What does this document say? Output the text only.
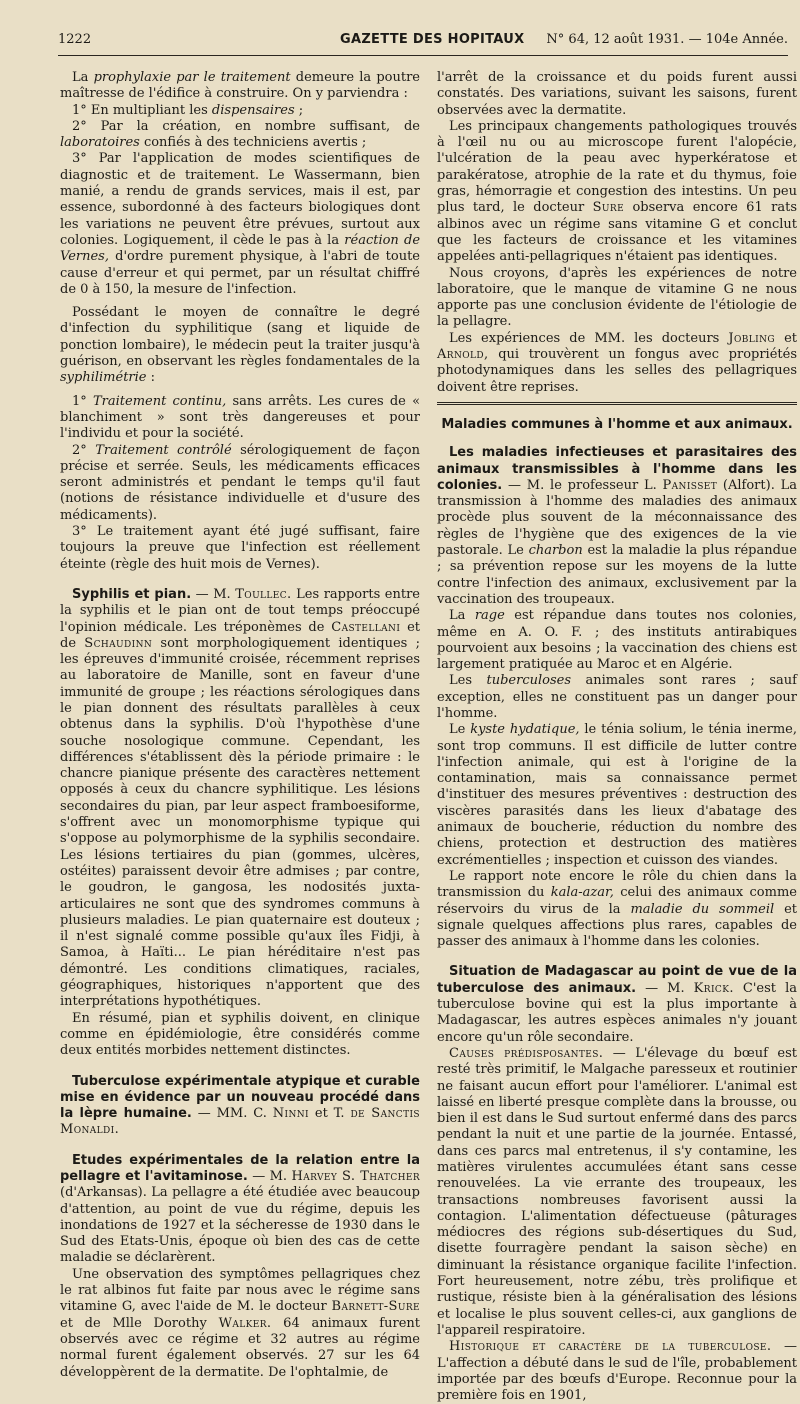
1222	GAZETTE DES HOPITAUX N° 64, 12 août 1931. — 104e Année.

La prophylaxie par le traitement demeure la poutre maîtresse de l'édifice à construire. On y parviendra :

1° En multipliant les dispensaires ;

2° Par la création, en nombre suffisant, de laboratoires confiés à des techniciens avertis ;

3° Par l'application de modes scientifiques de diagnostic et de traitement. Le Wassermann, bien manié, a rendu de grands services, mais il est, par essence, subordonné à des facteurs biologiques dont les variations ne peuvent être prévues, surtout aux colonies. Logiquement, il cède le pas à la réaction de Vernes, d'ordre purement physique, à l'abri de toute cause d'erreur et qui permet, par un résultat chiffré de 0 à 150, la mesure de l'infection.

Possédant le moyen de connaître le degré d'infection du syphilitique (sang et liquide de ponction lombaire), le médecin peut la traiter jusqu'à guérison, en observant les règles fondamentales de la syphilimétrie :

1° Traitement continu, sans arrêts. Les cures de « blanchiment » sont très dangereuses et pour l'individu et pour la société.

2° Traitement contrôlé sérologiquement de façon précise et serrée. Seuls, les médicaments efficaces seront administrés et pendant le temps qu'il faut (notions de résistance individuelle et d'usure des médicaments).

3° Le traitement ayant été jugé suffisant, faire toujours la preuve que l'infection est réellement éteinte (règle des huit mois de Vernes).

Syphilis et pian. — M. Toullec. Les rapports entre la syphilis et le pian ont de tout temps préoccupé l'opinion médicale. Les tréponèmes de Castellani et de Schaudinn sont morphologiquement identiques ; les épreuves d'immunité croisée, récemment reprises au laboratoire de Manille, sont en faveur d'une immunité de groupe ; les réactions sérologiques dans le pian donnent des résultats parallèles à ceux obtenus dans la syphilis. D'où l'hypothèse d'une souche nosologique commune. Cependant, les différences s'établissent dès la période primaire : le chancre pianique présente des caractères nettement opposés à ceux du chancre syphilitique. Les lésions secondaires du pian, par leur aspect framboesiforme, s'offrent avec un monomorphisme typique qui s'oppose au polymorphisme de la syphilis secondaire. Les lésions tertiaires du pian (gommes, ulcères, ostéites) paraissent devoir être admises ; par contre, le goudron, le gangosa, les nodosités juxta-articulaires ne sont que des syndromes communs à plusieurs maladies. Le pian quaternaire est douteux ; il n'est signalé comme possible qu'aux îles Fidji, à Samoa, à Haïti... Le pian héréditaire n'est pas démontré. Les conditions climatiques, raciales, géographiques, historiques n'apportent que des interprétations hypothétiques.

En résumé, pian et syphilis doivent, en clinique comme en épidémiologie, être considérés comme deux entités morbides nettement distinctes.

Tuberculose expérimentale atypique et curable mise en évidence par un nouveau procédé dans la lèpre humaine. — MM. C. Ninni et T. de Sanctis Monaldi.

Etudes expérimentales de la relation entre la pellagre et l'avitaminose. — M. Harvey S. Thatcher (d'Arkansas). La pellagre a été étudiée avec beaucoup d'attention, au point de vue du régime, depuis les inondations de 1927 et la sécheresse de 1930 dans le Sud des Etats-Unis, époque où bien des cas de cette maladie se déclarèrent.

Une observation des symptômes pellagriques chez le rat albinos fut faite par nous avec le régime sans vitamine G, avec l'aide de M. le docteur Barnett-Sure et de Mlle Dorothy Walker. 64 animaux furent observés avec ce régime et 32 autres au régime normal furent également observés. 27 sur les 64 développèrent de la dermatite. De l'ophtalmie, de

l'arrêt de la croissance et du poids furent aussi constatés. Des variations, suivant les saisons, furent observées avec la dermatite.

Les principaux changements pathologiques trouvés à l'œil nu ou au microscope furent l'alopécie, l'ulcération de la peau avec hyperkératose et parakératose, atrophie de la rate et du thymus, foie gras, hémorragie et congestion des intestins. Un peu plus tard, le docteur Sure observa encore 61 rats albinos avec un régime sans vitamine G et conclut que les facteurs de croissance et les vitamines appelées anti-pellagriques n'étaient pas identiques.

Nous croyons, d'après les expériences de notre laboratoire, que le manque de vitamine G ne nous apporte pas une conclusion évidente de l'étiologie de la pellagre.

Les expériences de MM. les docteurs Jobling et Arnold, qui trouvèrent un fongus avec propriétés photodynamiques dans les selles des pellagriques doivent être reprises.

Maladies communes à l'homme et aux animaux.

Les maladies infectieuses et parasitaires des animaux transmissibles à l'homme dans les colonies. — M. le professeur L. Panisset (Alfort). La transmission à l'homme des maladies des animaux procède plus souvent de la méconnaissance des règles de l'hygiène que des exigences de la vie pastorale. Le charbon est la maladie la plus répandue ; sa prévention repose sur les moyens de la lutte contre l'infection des animaux, exclusivement par la vaccination des troupeaux.

La rage est répandue dans toutes nos colonies, même en A. O. F. ; des instituts antirabiques pourvoient aux besoins ; la vaccination des chiens est largement pratiquée au Maroc et en Algérie.

Les tuberculoses animales sont rares ; sauf exception, elles ne constituent pas un danger pour l'homme.

Le kyste hydatique, le ténia solium, le ténia inerme, sont trop communs. Il est difficile de lutter contre l'infection animale, qui est à l'origine de la contamination, mais sa connaissance permet d'instituer des mesures préventives : destruction des viscères parasités dans les lieux d'abatage des animaux de boucherie, réduction du nombre des chiens, protection et destruction des matières excrémentielles ; inspection et cuisson des viandes.

Le rapport note encore le rôle du chien dans la transmission du kala-azar, celui des animaux comme réservoirs du virus de la maladie du sommeil et signale quelques affections plus rares, capables de passer des animaux à l'homme dans les colonies.

Situation de Madagascar au point de vue de la tuberculose des animaux. — M. Krick. C'est la tuberculose bovine qui est la plus importante à Madagascar, les autres espèces animales n'y jouant encore qu'un rôle secondaire.

Causes prédisposantes. — L'élevage du bœuf est resté très primitif, le Malgache paresseux et routinier ne faisant aucun effort pour l'améliorer. L'animal est laissé en liberté presque complète dans la brousse, ou bien il est dans le Sud surtout enfermé dans des parcs pendant la nuit et une partie de la journée. Entassé, dans ces parcs mal entretenus, il s'y contamine, les matières virulentes accumulées étant sans cesse renouvelées. La vie errante des troupeaux, les transactions nombreuses favorisent aussi la contagion. L'alimentation défectueuse (pâturages médiocres des régions sub-désertiques du Sud, disette fourragère pendant la saison sèche) en diminuant la résistance organique facilite l'infection. Fort heureusement, notre zébu, très prolifique et rustique, résiste bien à la généralisation des lésions et localise le plus souvent celles-ci, aux ganglions de l'appareil respiratoire.

Historique et caractère de la tuberculose. — L'affection a débuté dans le sud de l'île, probablement importée par des bœufs d'Europe. Reconnue pour la première fois en 1901,
